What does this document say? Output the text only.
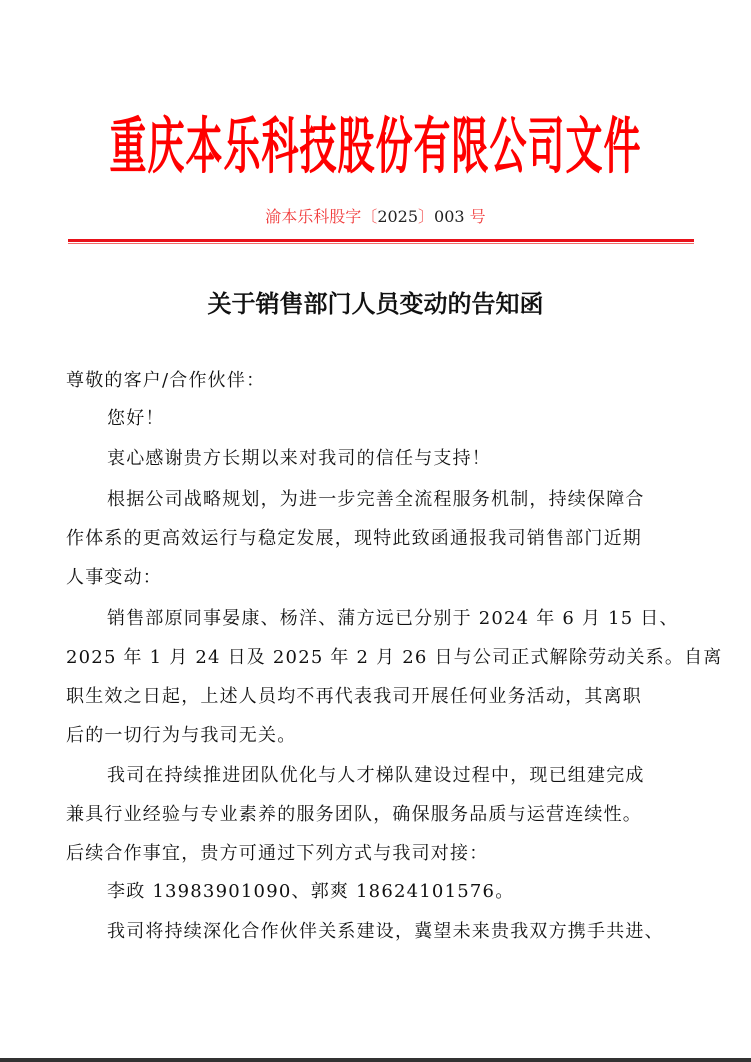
重庆本乐科技股份有限公司文件
渝本乐科股字〔2025〕003 号
关于销售部门人员变动的告知函
尊敬的客户/合作伙伴：
您好！
衷心感谢贵方长期以来对我司的信任与支持！
根据公司战略规划，为进一步完善全流程服务机制，持续保障合
作体系的更高效运行与稳定发展，现特此致函通报我司销售部门近期
人事变动：
销售部原同事晏康、杨洋、蒲方远已分别于 2024 年 6 月 15 日、
2025 年 1 月 24 日及 2025 年 2 月 26 日与公司正式解除劳动关系。自离
职生效之日起，上述人员均不再代表我司开展任何业务活动，其离职
后的一切行为与我司无关。
我司在持续推进团队优化与人才梯队建设过程中，现已组建完成
兼具行业经验与专业素养的服务团队，确保服务品质与运营连续性。
后续合作事宜，贵方可通过下列方式与我司对接：
李政 13983901090、郭爽 18624101576。
我司将持续深化合作伙伴关系建设，冀望未来贵我双方携手共进、
